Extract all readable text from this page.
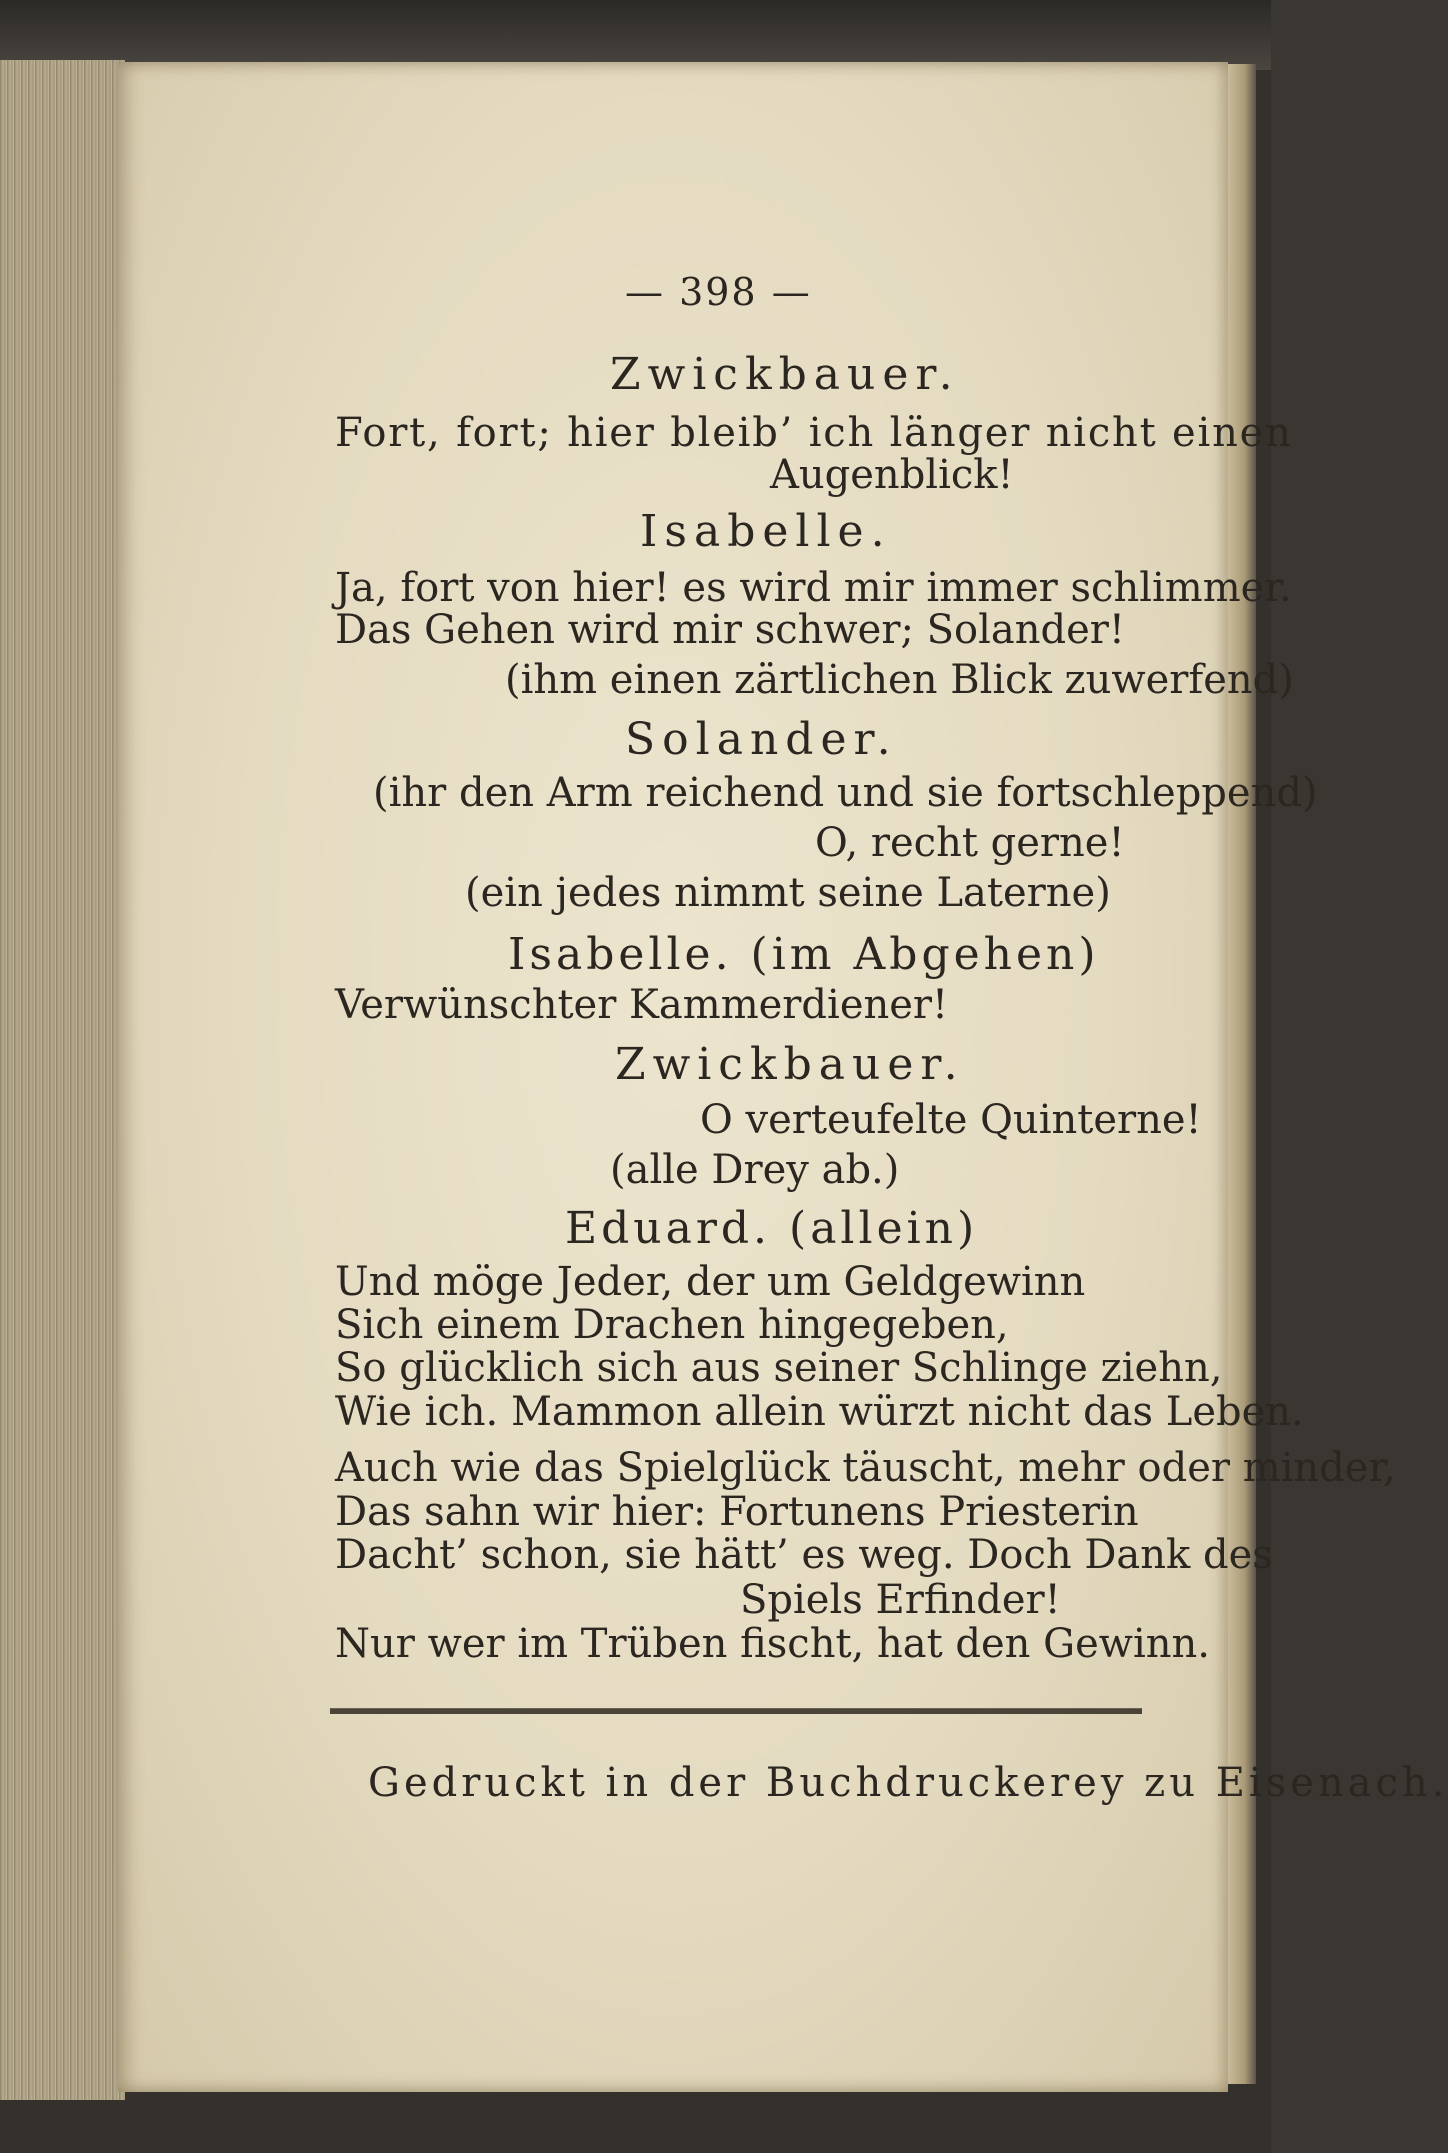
— 398 —
Zwickbauer.
Fort, fort; hier bleib’ ich länger nicht einen
Augenblick!
Isabelle.
Ja, fort von hier! es wird mir immer schlimmer.
Das Gehen wird mir schwer; Solander!
(ihm einen zärtlichen Blick zuwerfend)
Solander.
(ihr den Arm reichend und sie fortschleppend)
O, recht gerne!
(ein jedes nimmt seine Laterne)
Isabelle. (im Abgehen)
Verwünschter Kammerdiener!
Zwickbauer.
O verteufelte Quinterne!
(alle Drey ab.)
Eduard. (allein)
Und möge Jeder, der um Geldgewinn
Sich einem Drachen hingegeben,
So glücklich sich aus seiner Schlinge ziehn,
Wie ich. Mammon allein würzt nicht das Leben.
Auch wie das Spielglück täuscht, mehr oder minder,
Das sahn wir hier: Fortunens Priesterin
Dacht’ schon, sie hätt’ es weg. Doch Dank des
Spiels Erfinder!
Nur wer im Trüben fischt, hat den Gewinn.
Gedruckt in der Buchdruckerey zu Eisenach.
